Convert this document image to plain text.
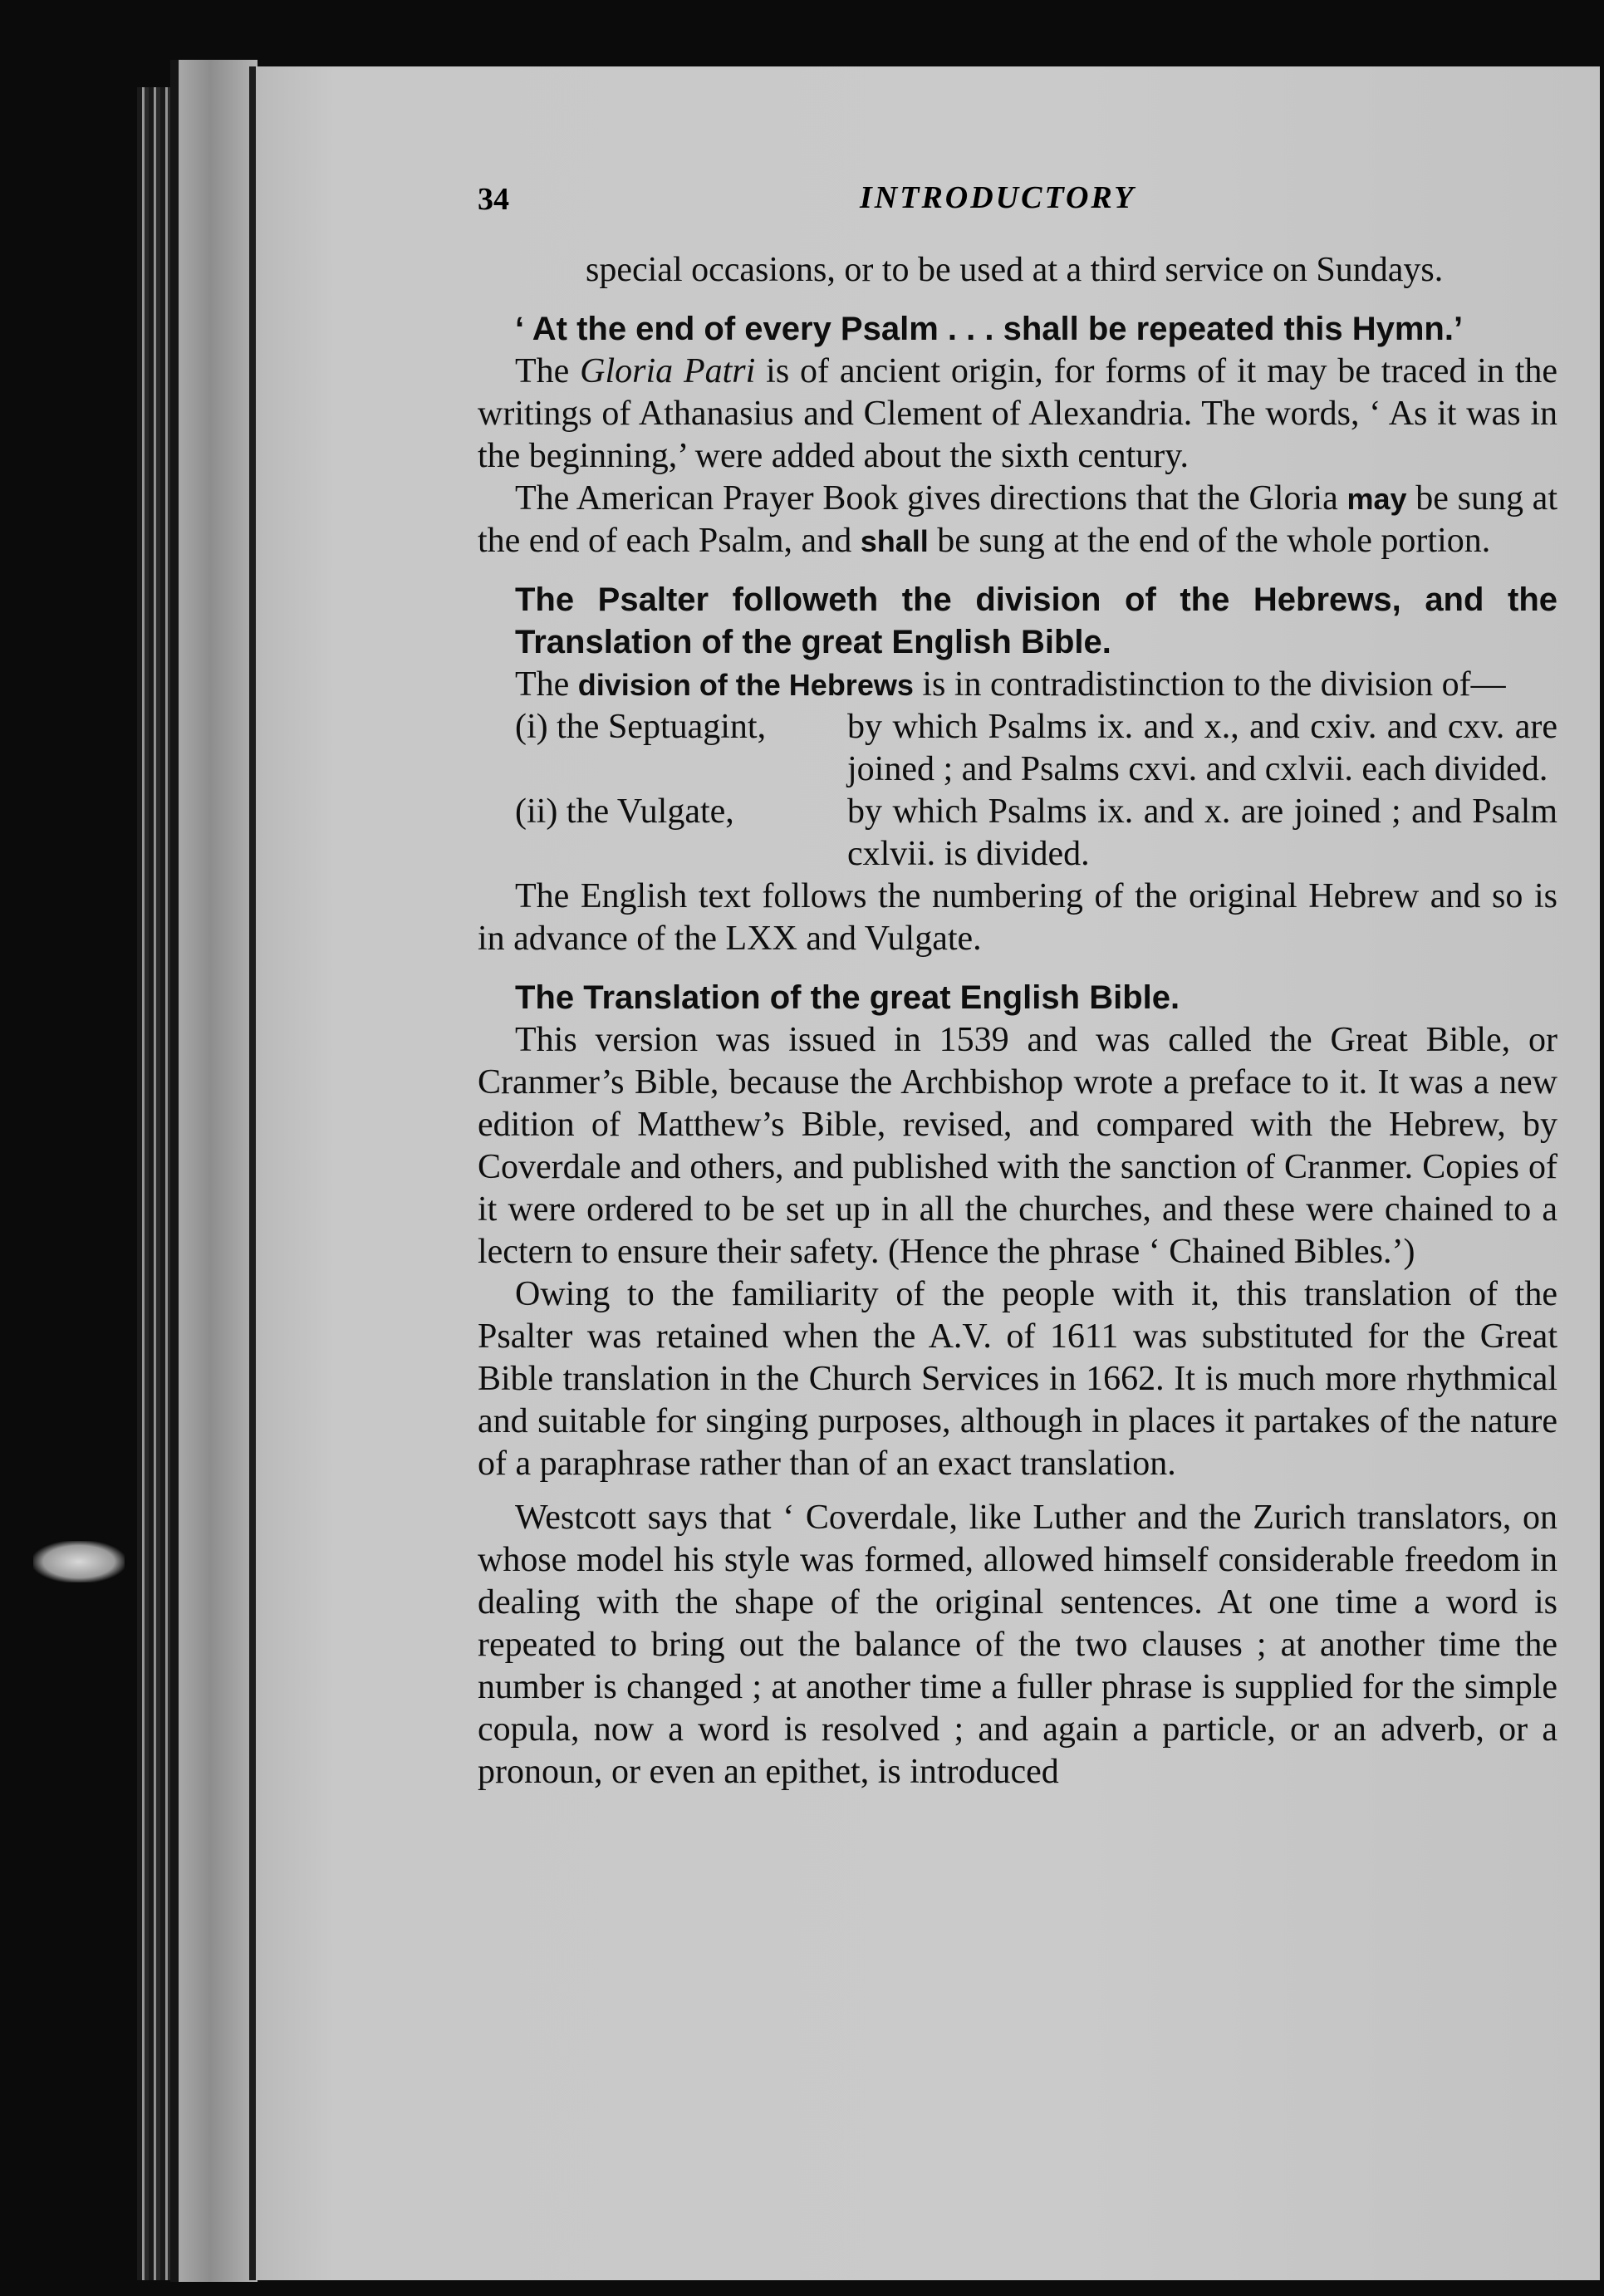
34	INTRODUCTORY

special occasions, or to be used at a third service on Sundays.

‘ At the end of every Psalm . . . shall be repeated this Hymn.’

The Gloria Patri is of ancient origin, for forms of it may be traced in the writings of Athanasius and Clement of Alexandria. The words, ‘ As it was in the beginning,’ were added about the sixth century.

The American Prayer Book gives directions that the Gloria may be sung at the end of each Psalm, and shall be sung at the end of the whole portion.

The Psalter followeth the division of the Hebrews, and the Translation of the great English Bible.

The division of the Hebrews is in contradistinction to the division of—

(i) the Septuagint,	by which Psalms ix. and x., and cxiv. and cxv. are joined ; and Psalms cxvi. and cxlvii. each divided.
(ii) the Vulgate,	by which Psalms ix. and x. are joined ; and Psalm cxlvii. is divided.

The English text follows the numbering of the original Hebrew and so is in advance of the LXX and Vulgate.

The Translation of the great English Bible.

This version was issued in 1539 and was called the Great Bible, or Cranmer’s Bible, because the Archbishop wrote a preface to it. It was a new edition of Matthew’s Bible, revised, and compared with the Hebrew, by Coverdale and others, and published with the sanction of Cranmer. Copies of it were ordered to be set up in all the churches, and these were chained to a lectern to ensure their safety. (Hence the phrase ‘ Chained Bibles.’)

Owing to the familiarity of the people with it, this translation of the Psalter was retained when the A.V. of 1611 was substituted for the Great Bible translation in the Church Services in 1662. It is much more rhythmical and suitable for singing purposes, although in places it partakes of the nature of a paraphrase rather than of an exact translation.

Westcott says that ‘ Coverdale, like Luther and the Zurich translators, on whose model his style was formed, allowed himself considerable freedom in dealing with the shape of the original sentences. At one time a word is repeated to bring out the balance of the two clauses ; at another time the number is changed ; at another time a fuller phrase is supplied for the simple copula, now a word is resolved ; and again a particle, or an adverb, or a pronoun, or even an epithet, is introduced
